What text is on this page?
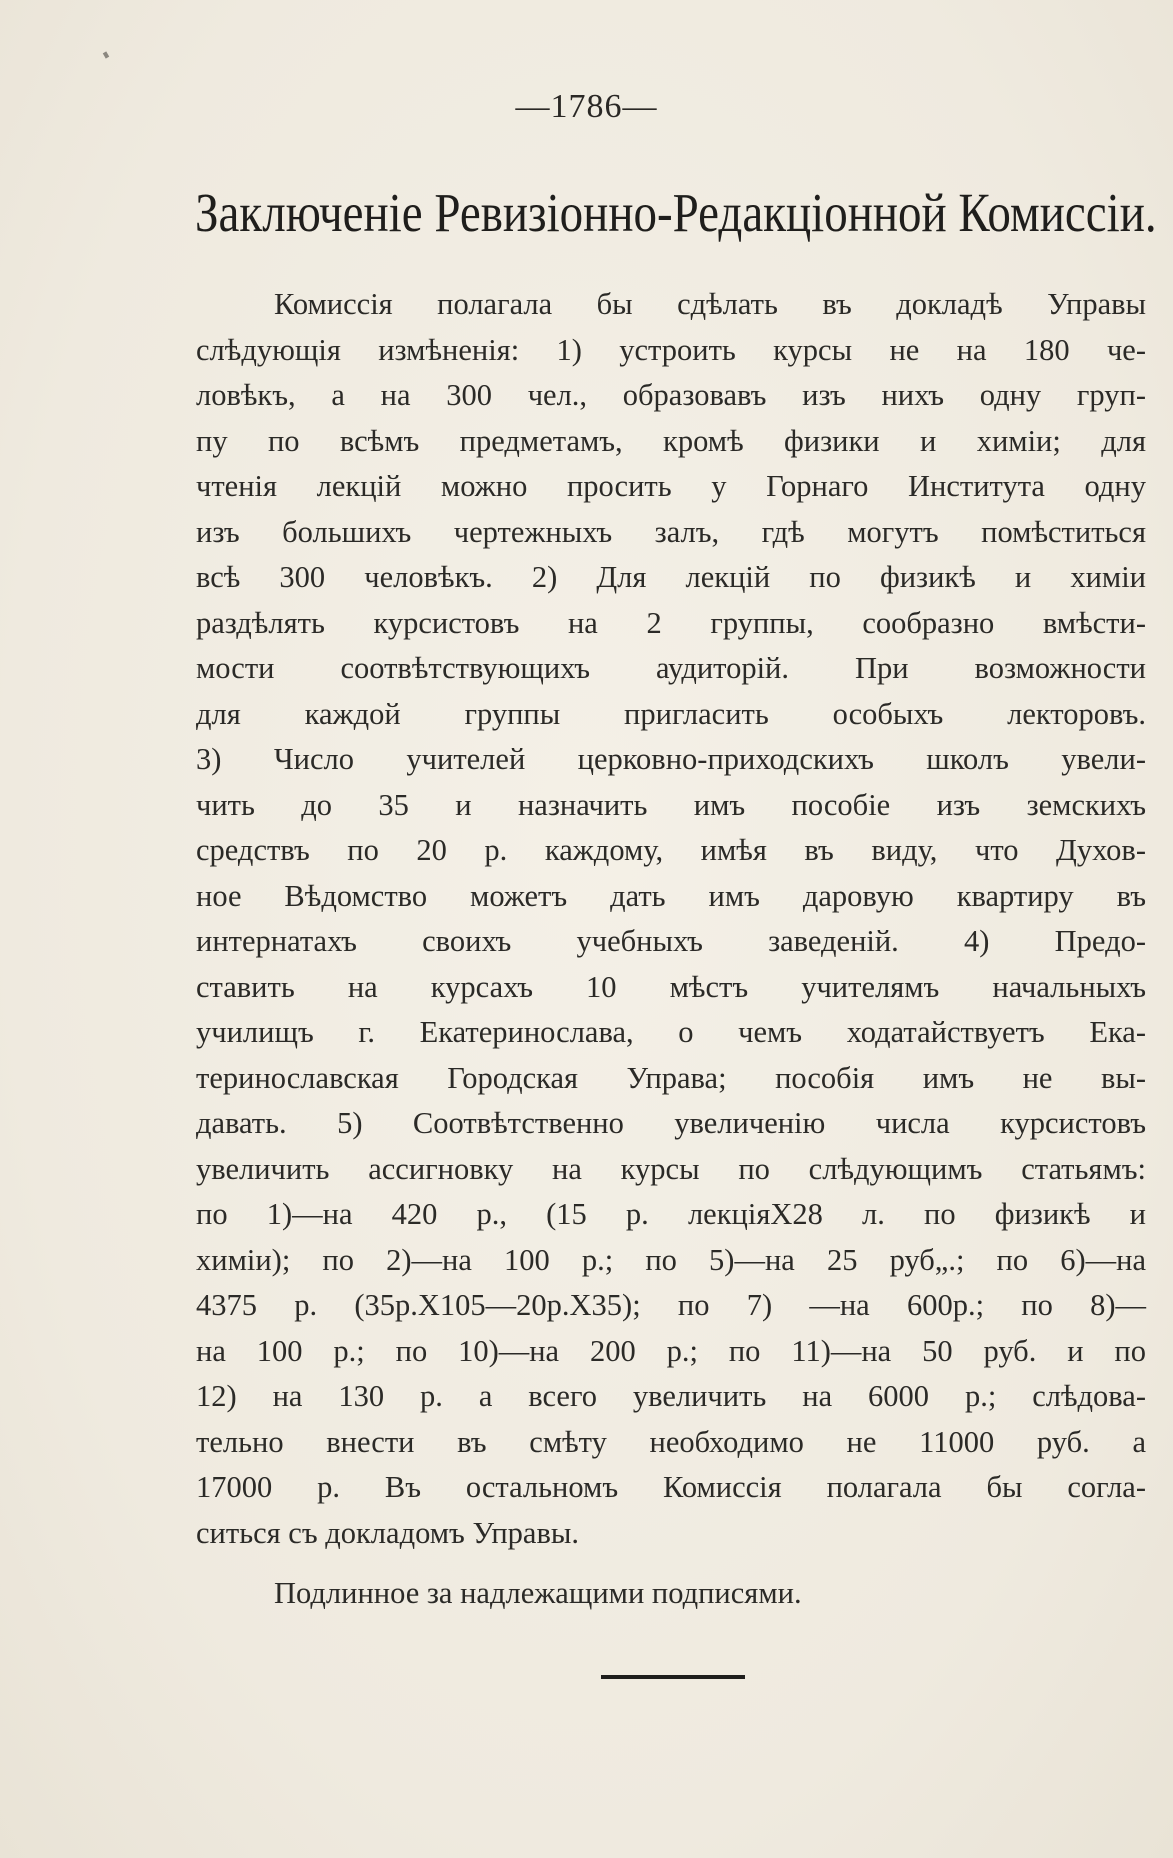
—1786—
Заключеніе Ревизіонно-Редакціонной Комиссіи.
Комиссія полагала бы сдѣлать въ докладѣ Управы
слѣдующія измѣненія: 1) устроить курсы не на 180 че-
ловѣкъ, а на 300 чел., образовавъ изъ нихъ одну груп-
пу по всѣмъ предметамъ, кромѣ физики и химіи; для
чтенія лекцій можно просить у Горнаго Института одну
изъ большихъ чертежныхъ залъ, гдѣ могутъ помѣститься
всѣ 300 человѣкъ. 2) Для лекцій по физикѣ и химіи
раздѣлять курсистовъ на 2 группы, сообразно вмѣсти-
мости соотвѣтствующихъ аудиторій. При возможности
для каждой группы пригласить особыхъ лекторовъ.
3) Число учителей церковно-приходскихъ школъ увели-
чить до 35 и назначить имъ пособіе изъ земскихъ
средствъ по 20 р. каждому, имѣя въ виду, что Духов-
ное Вѣдомство можетъ дать имъ даровую квартиру въ
интернатахъ своихъ учебныхъ заведеній. 4) Предо-
ставить на курсахъ 10 мѣстъ учителямъ начальныхъ
училищъ г. Екатеринослава, о чемъ ходатайствуетъ Ека-
теринославская Городская Управа; пособія имъ не вы-
давать. 5) Соотвѣтственно увеличенію числа курсистовъ
увеличить ассигновку на курсы по слѣдующимъ статьямъ:
по 1)—на 420 р., (15 р. лекціяX28 л. по физикѣ и
химіи); по 2)—на 100 р.; по 5)—на 25 руб„.; по 6)—на
4375 р. (35р.X105—20р.X35); по 7) —на 600р.; по 8)—
на 100 р.; по 10)—на 200 р.; по 11)—на 50 руб. и по
12) на 130 р. а всего увеличить на 6000 р.; слѣдова-
тельно внести въ смѣту необходимо не 11000 руб. а
17000 р. Въ остальномъ Комиссія полагала бы согла-
ситься съ докладомъ Управы.
Подлинное за надлежащими подписями.
